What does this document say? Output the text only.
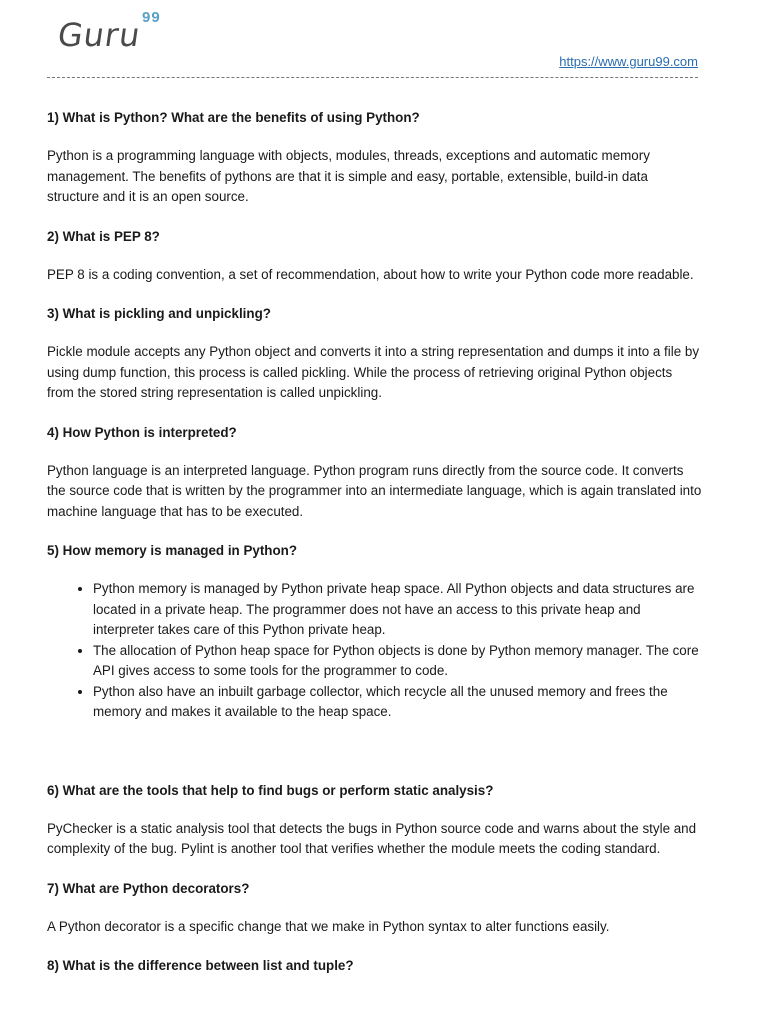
Guru
99
https://www.guru99.com

1) What is Python? What are the benefits of using Python?

Python is a programming language with objects, modules, threads, exceptions and automatic memory management. The benefits of pythons are that it is simple and easy, portable, extensible, build-in data structure and it is an open source.

2) What is PEP 8?

PEP 8 is a coding convention, a set of recommendation, about how to write your Python code more readable.

3) What is pickling and unpickling?

Pickle module accepts any Python object and converts it into a string representation and dumps it into a file by using dump function, this process is called pickling. While the process of retrieving original Python objects from the stored string representation is called unpickling.

4) How Python is interpreted?

Python language is an interpreted language. Python program runs directly from the source code. It converts the source code that is written by the programmer into an intermediate language, which is again translated into machine language that has to be executed.

5) How memory is managed in Python?

• Python memory is managed by Python private heap space. All Python objects and data structures are located in a private heap. The programmer does not have an access to this private heap and interpreter takes care of this Python private heap.
• The allocation of Python heap space for Python objects is done by Python memory manager. The core API gives access to some tools for the programmer to code.
• Python also have an inbuilt garbage collector, which recycle all the unused memory and frees the memory and makes it available to the heap space.

6) What are the tools that help to find bugs or perform static analysis?

PyChecker is a static analysis tool that detects the bugs in Python source code and warns about the style and complexity of the bug. Pylint is another tool that verifies whether the module meets the coding standard.

7) What are Python decorators?

A Python decorator is a specific change that we make in Python syntax to alter functions easily.

8) What is the difference between list and tuple?
